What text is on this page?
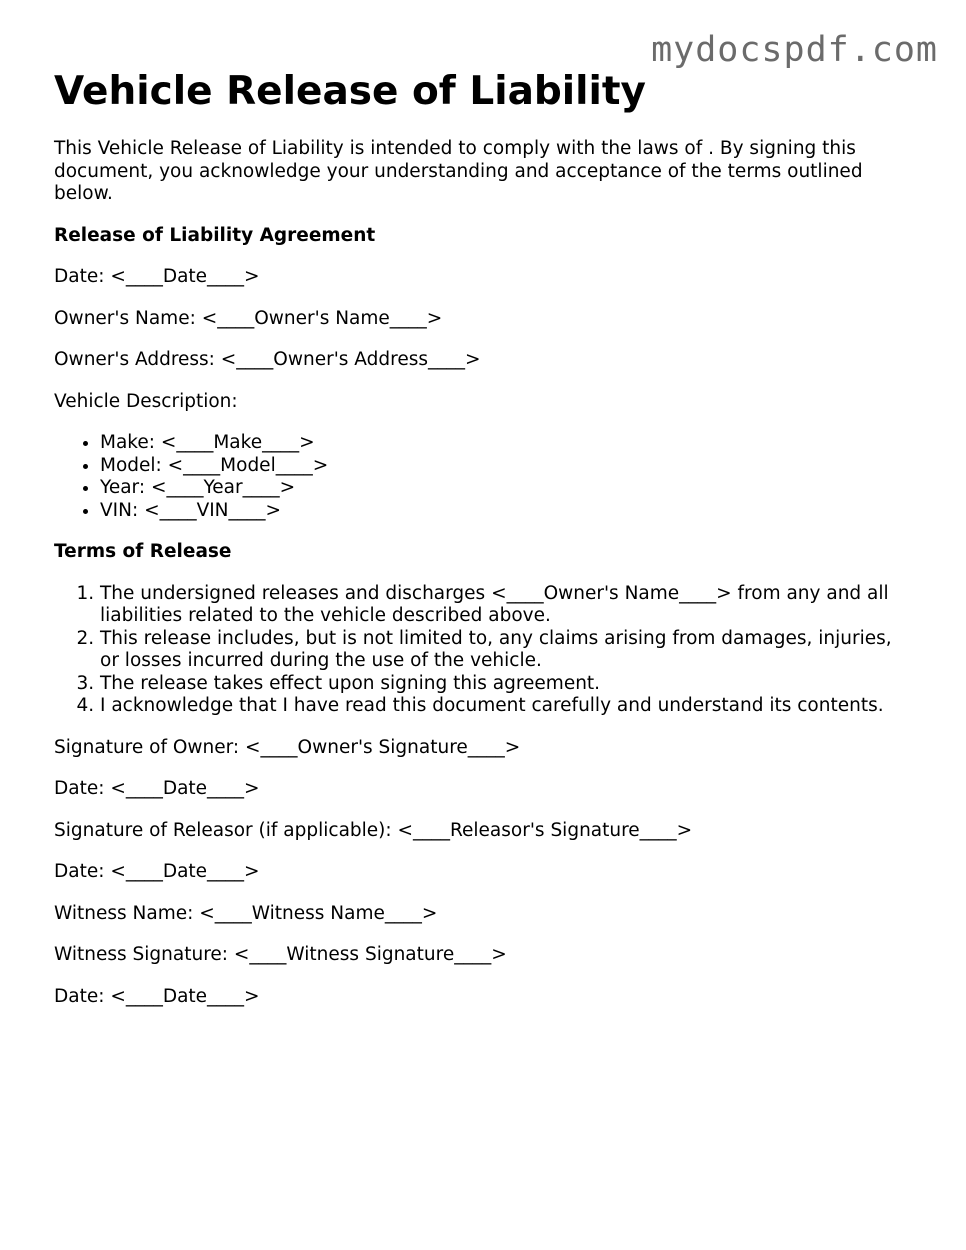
mydocspdf.com
Vehicle Release of Liability

This Vehicle Release of Liability is intended to comply with the laws of . By signing this document, you acknowledge your understanding and acceptance of the terms outlined below.

Release of Liability Agreement

Date: <____Date____>

Owner's Name: <____Owner's Name____>

Owner's Address: <____Owner's Address____>

Vehicle Description:

• Make: <____Make____>
• Model: <____Model____>
• Year: <____Year____>
• VIN: <____VIN____>

Terms of Release

1. The undersigned releases and discharges <____Owner's Name____> from any and all liabilities related to the vehicle described above.
2. This release includes, but is not limited to, any claims arising from damages, injuries, or losses incurred during the use of the vehicle.
3. The release takes effect upon signing this agreement.
4. I acknowledge that I have read this document carefully and understand its contents.

Signature of Owner: <____Owner's Signature____>

Date: <____Date____>

Signature of Releasor (if applicable): <____Releasor's Signature____>

Date: <____Date____>

Witness Name: <____Witness Name____>

Witness Signature: <____Witness Signature____>

Date: <____Date____>
